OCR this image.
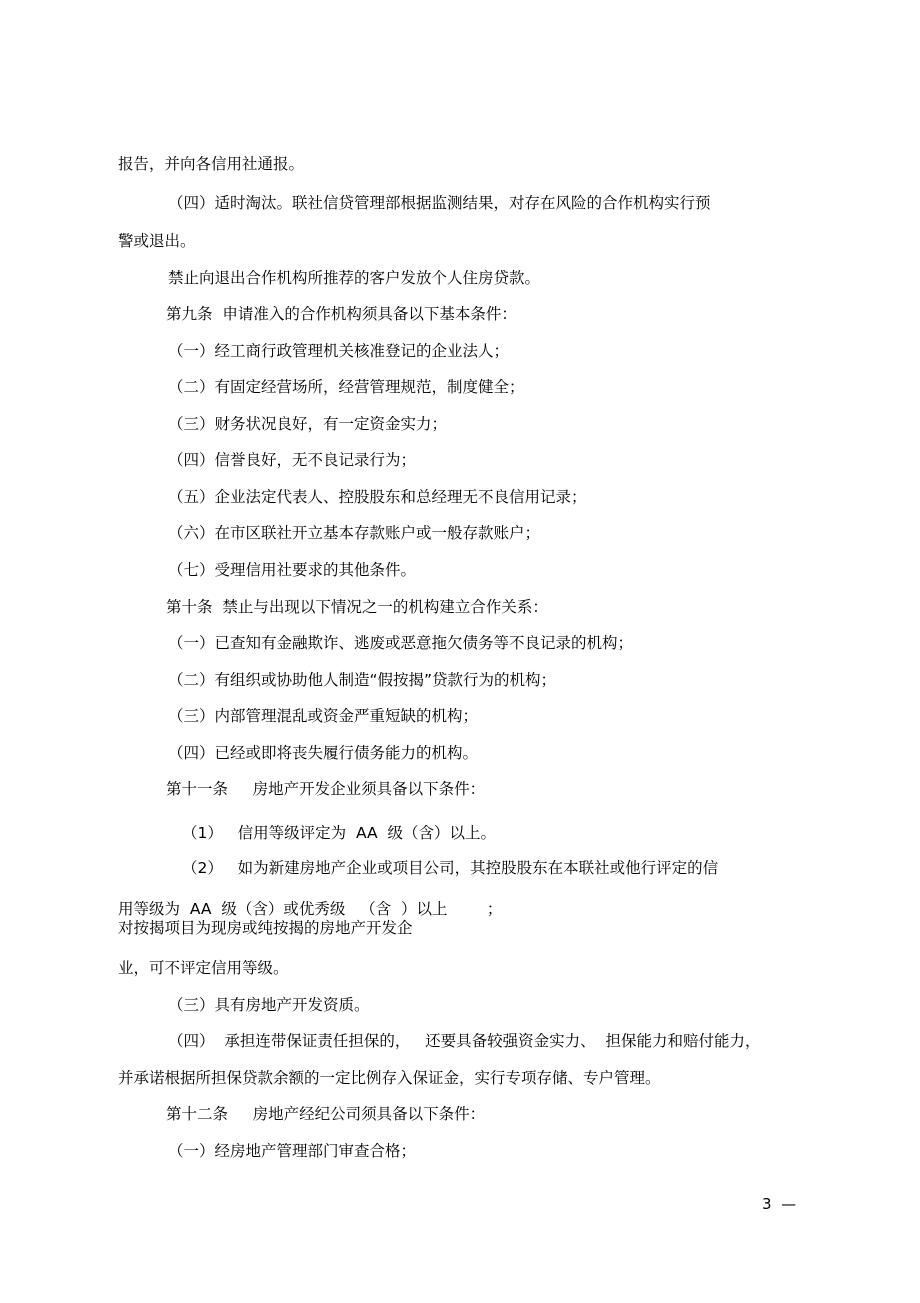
报告，并向各信用社通报。
（四）适时淘汰。联社信贷管理部根据监测结果，对存在风险的合作机构实行预
警或退出。
禁止向退出合作机构所推荐的客户发放个人住房贷款。
第九条  申请准入的合作机构须具备以下基本条件：
（一）经工商行政管理机关核准登记的企业法人；
（二）有固定经营场所，经营管理规范，制度健全；
（三）财务状况良好，有一定资金实力；
（四）信誉良好，无不良记录行为；
（五）企业法定代表人、控股股东和总经理无不良信用记录；
（六）在市区联社开立基本存款账户或一般存款账户；
（七）受理信用社要求的其他条件。
第十条  禁止与出现以下情况之一的机构建立合作关系：
（一）已查知有金融欺诈、逃废或恶意拖欠债务等不良记录的机构；
（二）有组织或协助他人制造“假按揭”贷款行为的机构；
（三）内部管理混乱或资金严重短缺的机构；
（四）已经或即将丧失履行债务能力的机构。
第十一条     房地产开发企业须具备以下条件：
（1）   信用等级评定为  AA  级（含）以上。
（2）   如为新建房地产企业或项目公司，其控股股东在本联社或他行评定的信
用等级为  AA  级（含）或优秀级   （含  ）以上        ；
对按揭项目为现房或纯按揭的房地产开发企
业，可不评定信用等级。
（三）具有房地产开发资质。
（四）  承担连带保证责任担保的，   还要具备较强资金实力、  担保能力和赔付能力，
并承诺根据所担保贷款余额的一定比例存入保证金，实行专项存储、专户管理。
第十二条     房地产经纪公司须具备以下条件：
（一）经房地产管理部门审查合格；
3  —
